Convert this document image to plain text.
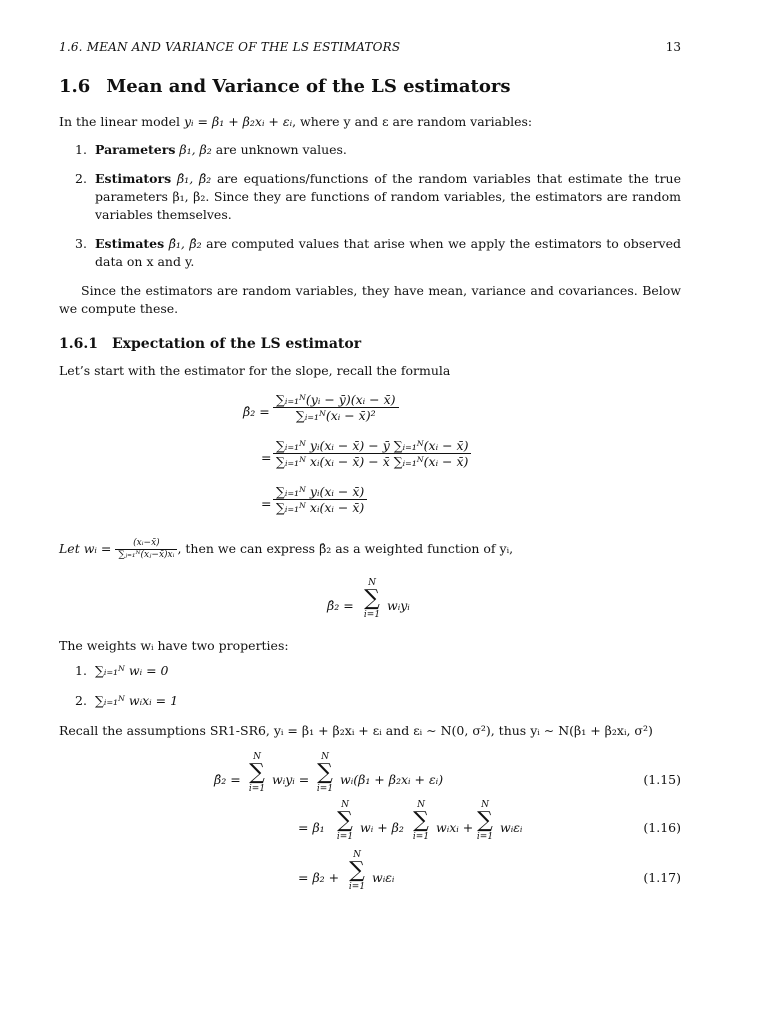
1.6. MEAN AND VARIANCE OF THE LS ESTIMATORS	13
1.6 Mean and Variance of the LS estimators
In the linear model yᵢ = β₁ + β₂xᵢ + εᵢ, where y and ε are random variables:
1. Parameters β₁, β₂ are unknown values.
2. Estimators β̂₁, β̂₂ are equations/functions of the random variables that estimate the true parameters β₁, β₂. Since they are functions of random variables, the estimators are random variables themselves.
3. Estimates β̂₁, β̂₂ are computed values that arise when we apply the estimators to observed data on x and y.
Since the estimators are random variables, they have mean, variance and covariances. Below we compute these.
1.6.1 Expectation of the LS estimator
Let’s start with the estimator for the slope, recall the formula
β̂₂ = $\frac{\text{∑ᵢ₌₁ᴺ(yᵢ − ȳ)(xᵢ − x̄)}}{\text{∑ᵢ₌₁ᴺ(xᵢ − x̄)²}}$
= $\frac{\text{∑ᵢ₌₁ᴺ yᵢ(xᵢ − x̄) − ȳ ∑ᵢ₌₁ᴺ(xᵢ − x̄)}}{\text{∑ᵢ₌₁ᴺ xᵢ(xᵢ − x̄) − x̄ ∑ᵢ₌₁ᴺ(xᵢ − x̄)}}$
= $\frac{\text{∑ᵢ₌₁ᴺ yᵢ(xᵢ − x̄)}}{\text{∑ᵢ₌₁ᴺ xᵢ(xᵢ − x̄)}}$
Let wᵢ = $\frac{\text{(xᵢ−x̄)}}{\text{∑ⱼ₌₁ᴺ(xⱼ−x̄)xᵢ}}$ , then we can express β̂₂ as a weighted function of yᵢ,
β̂₂ =
N
∑
i=1
wᵢyᵢ
The weights wᵢ have two properties:
1. ∑ᵢ₌₁ᴺ wᵢ = 0
2. ∑ᵢ₌₁ᴺ wᵢxᵢ = 1
Recall the assumptions SR1-SR6, yᵢ = β₁ + β₂xᵢ + εᵢ and εᵢ ∼ N(0, σ²), thus yᵢ ∼ N(β₁ + β₂xᵢ, σ²)
β̂₂ =
N
∑
i=1
wᵢyᵢ =
N
∑
i=1
wᵢ(β₁ + β₂xᵢ + εᵢ)	(1.15)
= β₁
N
∑
i=1
wᵢ + β₂
N
∑
i=1
wᵢxᵢ +
N
∑
i=1
wᵢεᵢ	(1.16)
= β₂ +
N
∑
i=1
wᵢεᵢ	(1.17)
